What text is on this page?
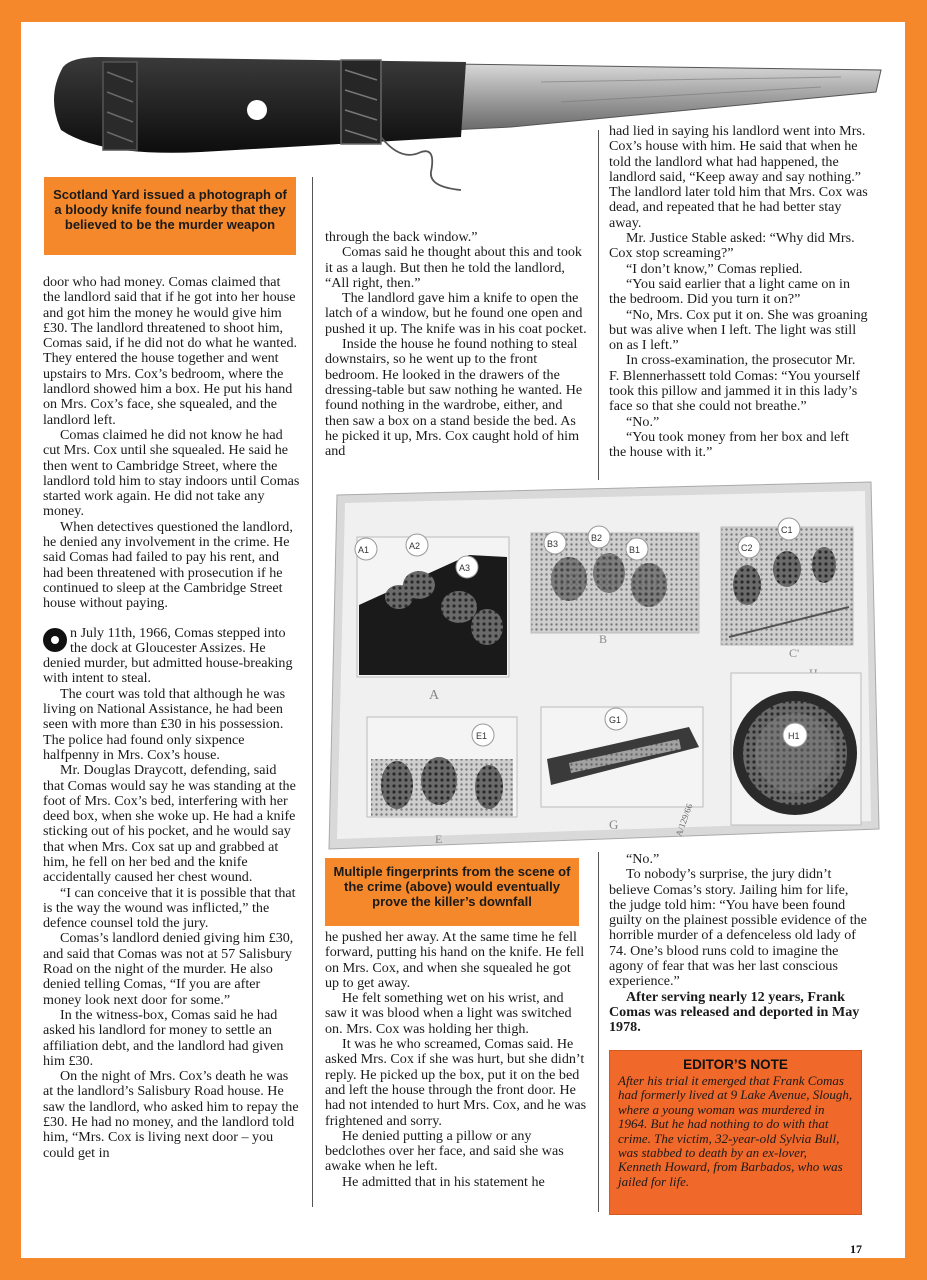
Scotland Yard issued a photograph of a bloody knife found nearby that they believed to be the murder weapon

door who had money. Comas claimed that the landlord said that if he got into her house and got him the money he would give him £30. The landlord threatened to shoot him, Comas said, if he did not do what he wanted. They entered the house together and went upstairs to Mrs. Cox’s bedroom, where the landlord showed him a box. He put his hand on Mrs. Cox’s face, she squealed, and the landlord left.

Comas claimed he did not know he had cut Mrs. Cox until she squealed. He said he then went to Cambridge Street, where the landlord told him to stay indoors until Comas started work again. He did not take any money.

When detectives questioned the landlord, he denied any involvement in the crime. He said Comas had failed to pay his rent, and had been threatened with prosecution if he continued to sleep at the Cambridge Street house without paying.

n July 11th, 1966, Comas stepped into the dock at Gloucester Assizes. He denied murder, but admitted house-breaking with intent to steal.

The court was told that although he was living on National Assistance, he had been seen with more than £30 in his possession. The police had found only sixpence halfpenny in Mrs. Cox’s house.

Mr. Douglas Draycott, defending, said that Comas would say he was standing at the foot of Mrs. Cox’s bed, interfering with her deed box, when she woke up. He had a knife sticking out of his pocket, and he would say that when Mrs. Cox sat up and grabbed at him, he fell on her bed and the knife accidentally caused her chest wound.

“I can conceive that it is possible that that is the way the wound was inflicted,” the defence counsel told the jury.

Comas’s landlord denied giving him £30, and said that Comas was not at 57 Salisbury Road on the night of the murder. He also denied telling Comas, “If you are after money look next door for some.”

In the witness-box, Comas said he had asked his landlord for money to settle an affiliation debt, and the landlord had given him £30.

On the night of Mrs. Cox’s death he was at the landlord’s Salisbury Road house. He saw the landlord, who asked him to repay the £30. He had no money, and the landlord told him, “Mrs. Cox is living next door – you could get in

through the back window.”

Comas said he thought about this and took it as a laugh. But then he told the landlord, “All right, then.”

The landlord gave him a knife to open the latch of a window, but he found one open and pushed it up. The knife was in his coat pocket.

Inside the house he found nothing to steal downstairs, so he went up to the front bedroom. He looked in the drawers of the dressing-table but saw nothing he wanted. He found nothing in the wardrobe, either, and then saw a box on a stand beside the bed. As he picked it up, Mrs. Cox caught hold of him and

had lied in saying his landlord went into Mrs. Cox’s house with him. He said that when he told the landlord what had happened, the landlord said, “Keep away and say nothing.” The landlord later told him that Mrs. Cox was dead, and repeated that he had better stay away.

Mr. Justice Stable asked: “Why did Mrs. Cox stop screaming?”

“I don’t know,” Comas replied.

“You said earlier that a light came on in the bedroom. Did you turn it on?”

“No, Mrs. Cox put it on. She was groaning but was alive when I left. The light was still on as I left.”

In cross-examination, the prosecutor Mr. F. Blennerhassett told Comas: “You yourself took this pillow and jammed it in this lady’s face so that she could not breathe.”

“No.”

“You took money from her box and left the house with it.”

A
A1	A2
A3
B
B3
B2
B1
C'
C2
C1
E
E1
G
G1
A/129/66
H1
Multiple fingerprints from the scene of the crime (above) would eventually prove the killer’s downfall

he pushed her away. At the same time he fell forward, putting his hand on the knife. He fell on Mrs. Cox, and when she squealed he got up to get away.

He felt something wet on his wrist, and saw it was blood when a light was switched on. Mrs. Cox was holding her thigh.

It was he who screamed, Comas said. He asked Mrs. Cox if she was hurt, but she didn’t reply. He picked up the box, put it on the bed and left the house through the front door. He had not intended to hurt Mrs. Cox, and he was frightened and sorry.

He denied putting a pillow or any bedclothes over her face, and said she was awake when he left.

He admitted that in his statement he

“No.”

To nobody’s surprise, the jury didn’t believe Comas’s story. Jailing him for life, the judge told him: “You have been found guilty on the plainest possible evidence of the horrible murder of a defenceless old lady of 74. One’s blood runs cold to imagine the agony of fear that was her last conscious experience.”

After serving nearly 12 years, Frank Comas was released and deported in May 1978.

EDITOR’S NOTE

After his trial it emerged that Frank Comas had formerly lived at 9 Lake Avenue, Slough, where a young woman was murdered in 1964. But he had nothing to do with that crime. The victim, 32-year-old Sylvia Bull, was stabbed to death by an ex-lover, Kenneth Howard, from Barbados, who was jailed for life.

17
